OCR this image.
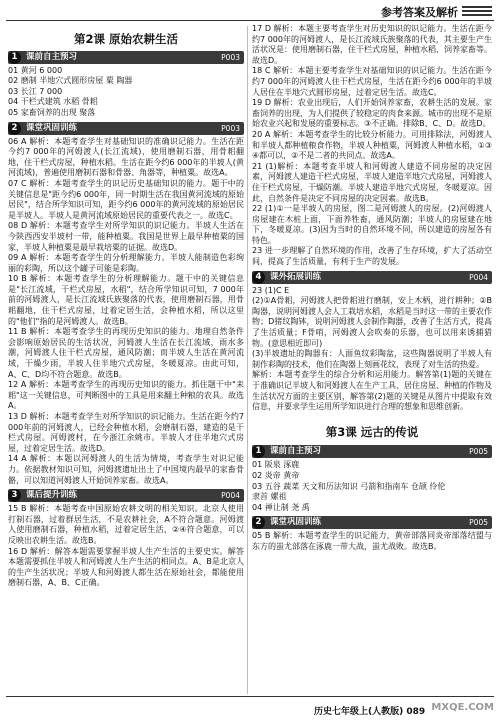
参考答案及解析
第2课 原始农耕生活
1	课前自主预习	P003

01 黄河 6 000

02 磨制 半地穴式圆形房屋 粟 陶器

03 长江 7 000

04 干栏式建筑 水稻 骨耜

05 家畜饲养的出现 聚落

2	课堂巩固训练	P003

06 A 解析：本题考查学生对基础知识的准确识记能力。生活在距今约7 000年的河姆渡人(长江流域)，使用磨制石器，用骨耜翻地，住干栏式房屋，种植水稻。生活在距今约6 000年的半坡人(黄河流域)，普遍使用磨制石器和骨器、角器等，种植粟。故选A。

07 C 解析：本题考查学生的识记历史基础知识的能力。题干中的关键信息是"距今约6 000年，同一时期生活在我国黄河流域的原始居民"，结合所学知识可知，距今约6 000年的黄河流域的原始居民是半坡人。半坡人是黄河流域原始居民的重要代表之一。故选C。

08 D 解析：本题考查学生对所学知识的识记能力。半坡人生活在今陕西西安半坡村一带，能种植粟。我国是世界上最早种植粟的国家，半坡人种植粟是最早栽培粟的证据。故选D。

09 A 解析：本题考查学生的分析理解能力。半坡人能制造色彩绚丽的彩陶，所以这个罐子可能是彩陶。

10 B 解析：本题考查学生的分析理解能力。题干中的关键信息是"长江流域，干栏式房屋，水稻"，结合所学知识可知，7 000年前的河姆渡人，是长江流域氏族聚落的代表，使用磨制石器，用骨耜翻地，住干栏式房屋，过着定居生活，会种植水稻，所以这里的"他们"指的是河姆渡人。故选B。

11 B 解析：本题考查学生的再现历史知识的能力。地理自然条件会影响原始居民的生活状况，河姆渡人生活在长江流域，雨水多潮，河姆渡人住干栏式房屋，通风防潮；而半坡人生活在黄河流域，干燥少雨，半坡人住半地穴式房屋，冬暖夏凉。由此可知，A、C、D均不符合题意。故选B。

12 A 解析：本题考查学生的再现历史知识的能力。抓住题干中"耒耜"这一关键信息，可判断图中的工具是用来翻土种粮的农具。故选A。

13 D 解析：本题考查学生对所学知识的识记能力。生活在距今约7 000年前的河姆渡人，已经会种植水稻，会磨制石器，建造的是干栏式房屋。河姆渡村，在今浙江余姚市。半坡人才住半地穴式房屋，过着定居生活。故选D。

14 A 解析：本题以河姆渡人的生活为情境，考查学生对识记能力。依据教材知识可知，河姆渡遗址出土了中国境内最早的家畜骨骼，可以知道河姆渡人开始饲养家畜。故选A。

3	课后提升训练	P004

15 B 解析：本题考查中国原始农耕文明的相关知识。北京人使用打制石器，过着群居生活，不是农耕社会，A不符合题意。河姆渡人使用磨制石器，种植水稻，过着定居生活，②④符合题意，可以反映出农耕生活。故选B。

16 D 解析：解答本题需要掌握半坡人生产生活的主要史实。解答本题需要抓住半坡人和河姆渡人生产生活的相同点。A、B是北京人的生产生活状况；半坡人和河姆渡人都生活在原始社会，都能使用磨制石器，A、B、C正确。

17 D 解析：本题主要考查学生对历史知识的识记能力。生活在距今约7 000年的河姆渡人，是长江流域氏族聚落的代表，其主要生产生活状况是：使用磨制石器，住干栏式房屋，种植水稻，饲养家畜等。故选D。

18 C 解析：本题主要考查学生对基础知识的识记能力。生活在距今约7 000年的河姆渡人住干栏式房屋，生活在距今约6 000年的半坡人居住在半地穴式圆形房屋，过着定居生活。故选C。

19 D 解析：农业出现后，人们开始饲养家畜，农耕生活的发展。家畜饲养的出现，为人们提供了较稳定的肉食来源。城市的出现不是原始农业兴起和发展的重要标志。③不正确。排除B、C、D。故选D。

20 A 解析：本题考查学生的比较分析能力。可用排除法，河姆渡人和半坡人都种植粮食作物，半坡人种植粟，河姆渡人种植水稻，①③④都可以，②不是二者的共同点。故选A。

21 (1)解析：本题考查半坡人和河姆渡人建造不同房屋的决定因素，河姆渡人建造干栏式房屋，半坡人建造半地穴式房屋，河姆渡人住干栏式房屋，干燥防潮。半坡人建造半地穴式房屋，冬暖夏凉。因此，自然条件是决定不同房屋的决定因素。故选B。

22 (1)①一是半坡人的房屋，图二是河姆渡人的房屋。(2)河姆渡人房屋建在木桩上面，下面养牲畜，通风防潮；半坡人的房屋建在地下，冬暖夏凉。(3)因为当时的自然环境不同，所以建造的房屋各有特色。

23 进一步理解了自然环境的作用，改善了生存环境，扩大了活动空间，提高了生活质量，有利于生产的发展。

4	课外拓展训练	P004

23 (1)C E

(2)①A骨耜，河姆渡人把骨耜进行磨制，安上木柄，进行耕种；②B陶器，说明河姆渡人会人工栽培水稻，水稻是当时这一带的主要农作物；D猪纹陶钵，说明河姆渡人会制作陶器，改善了生活方式，提高了生活质量；F骨哨，河姆渡人会吹奏的乐器，也可以用来诱捕猎物。(意思相近即可)

(3)半坡遗址的陶器有：人面鱼纹彩陶盆，这些陶器说明了半坡人有制作彩陶的技术，他们在陶器上刻画花纹，表现了对生活的热爱。

解析：本题考查学生的综合分析和运用能力。解答第(1)题的关键在于准确识记半坡人和河姆渡人在生产工具、居住房屋、种植的作物及生活状况方面的主要区别，解答第(2)题的关键是从图片中提取有效信息，并要求学生运用所学知识进行合理的想象和思维创新。

第3课 远古的传说
1	课前自主预习	P005

01 阪泉 涿鹿

02 炎帝 黄帝

03 五谷 蔬菜 天文和历法知识 弓箭和指南车 仓颉 伶伦

隶首 嫘祖

04 禅让制 尧 禹

2	课堂巩固训练	P005

05 B 解析：本题考查学生的识记能力，黄帝部落同炎帝部落结盟与东方的蚩尤部落在涿鹿一带大战，蚩尤战败。故选B。

历史七年级上(人教版) 089 MXQE.COM
